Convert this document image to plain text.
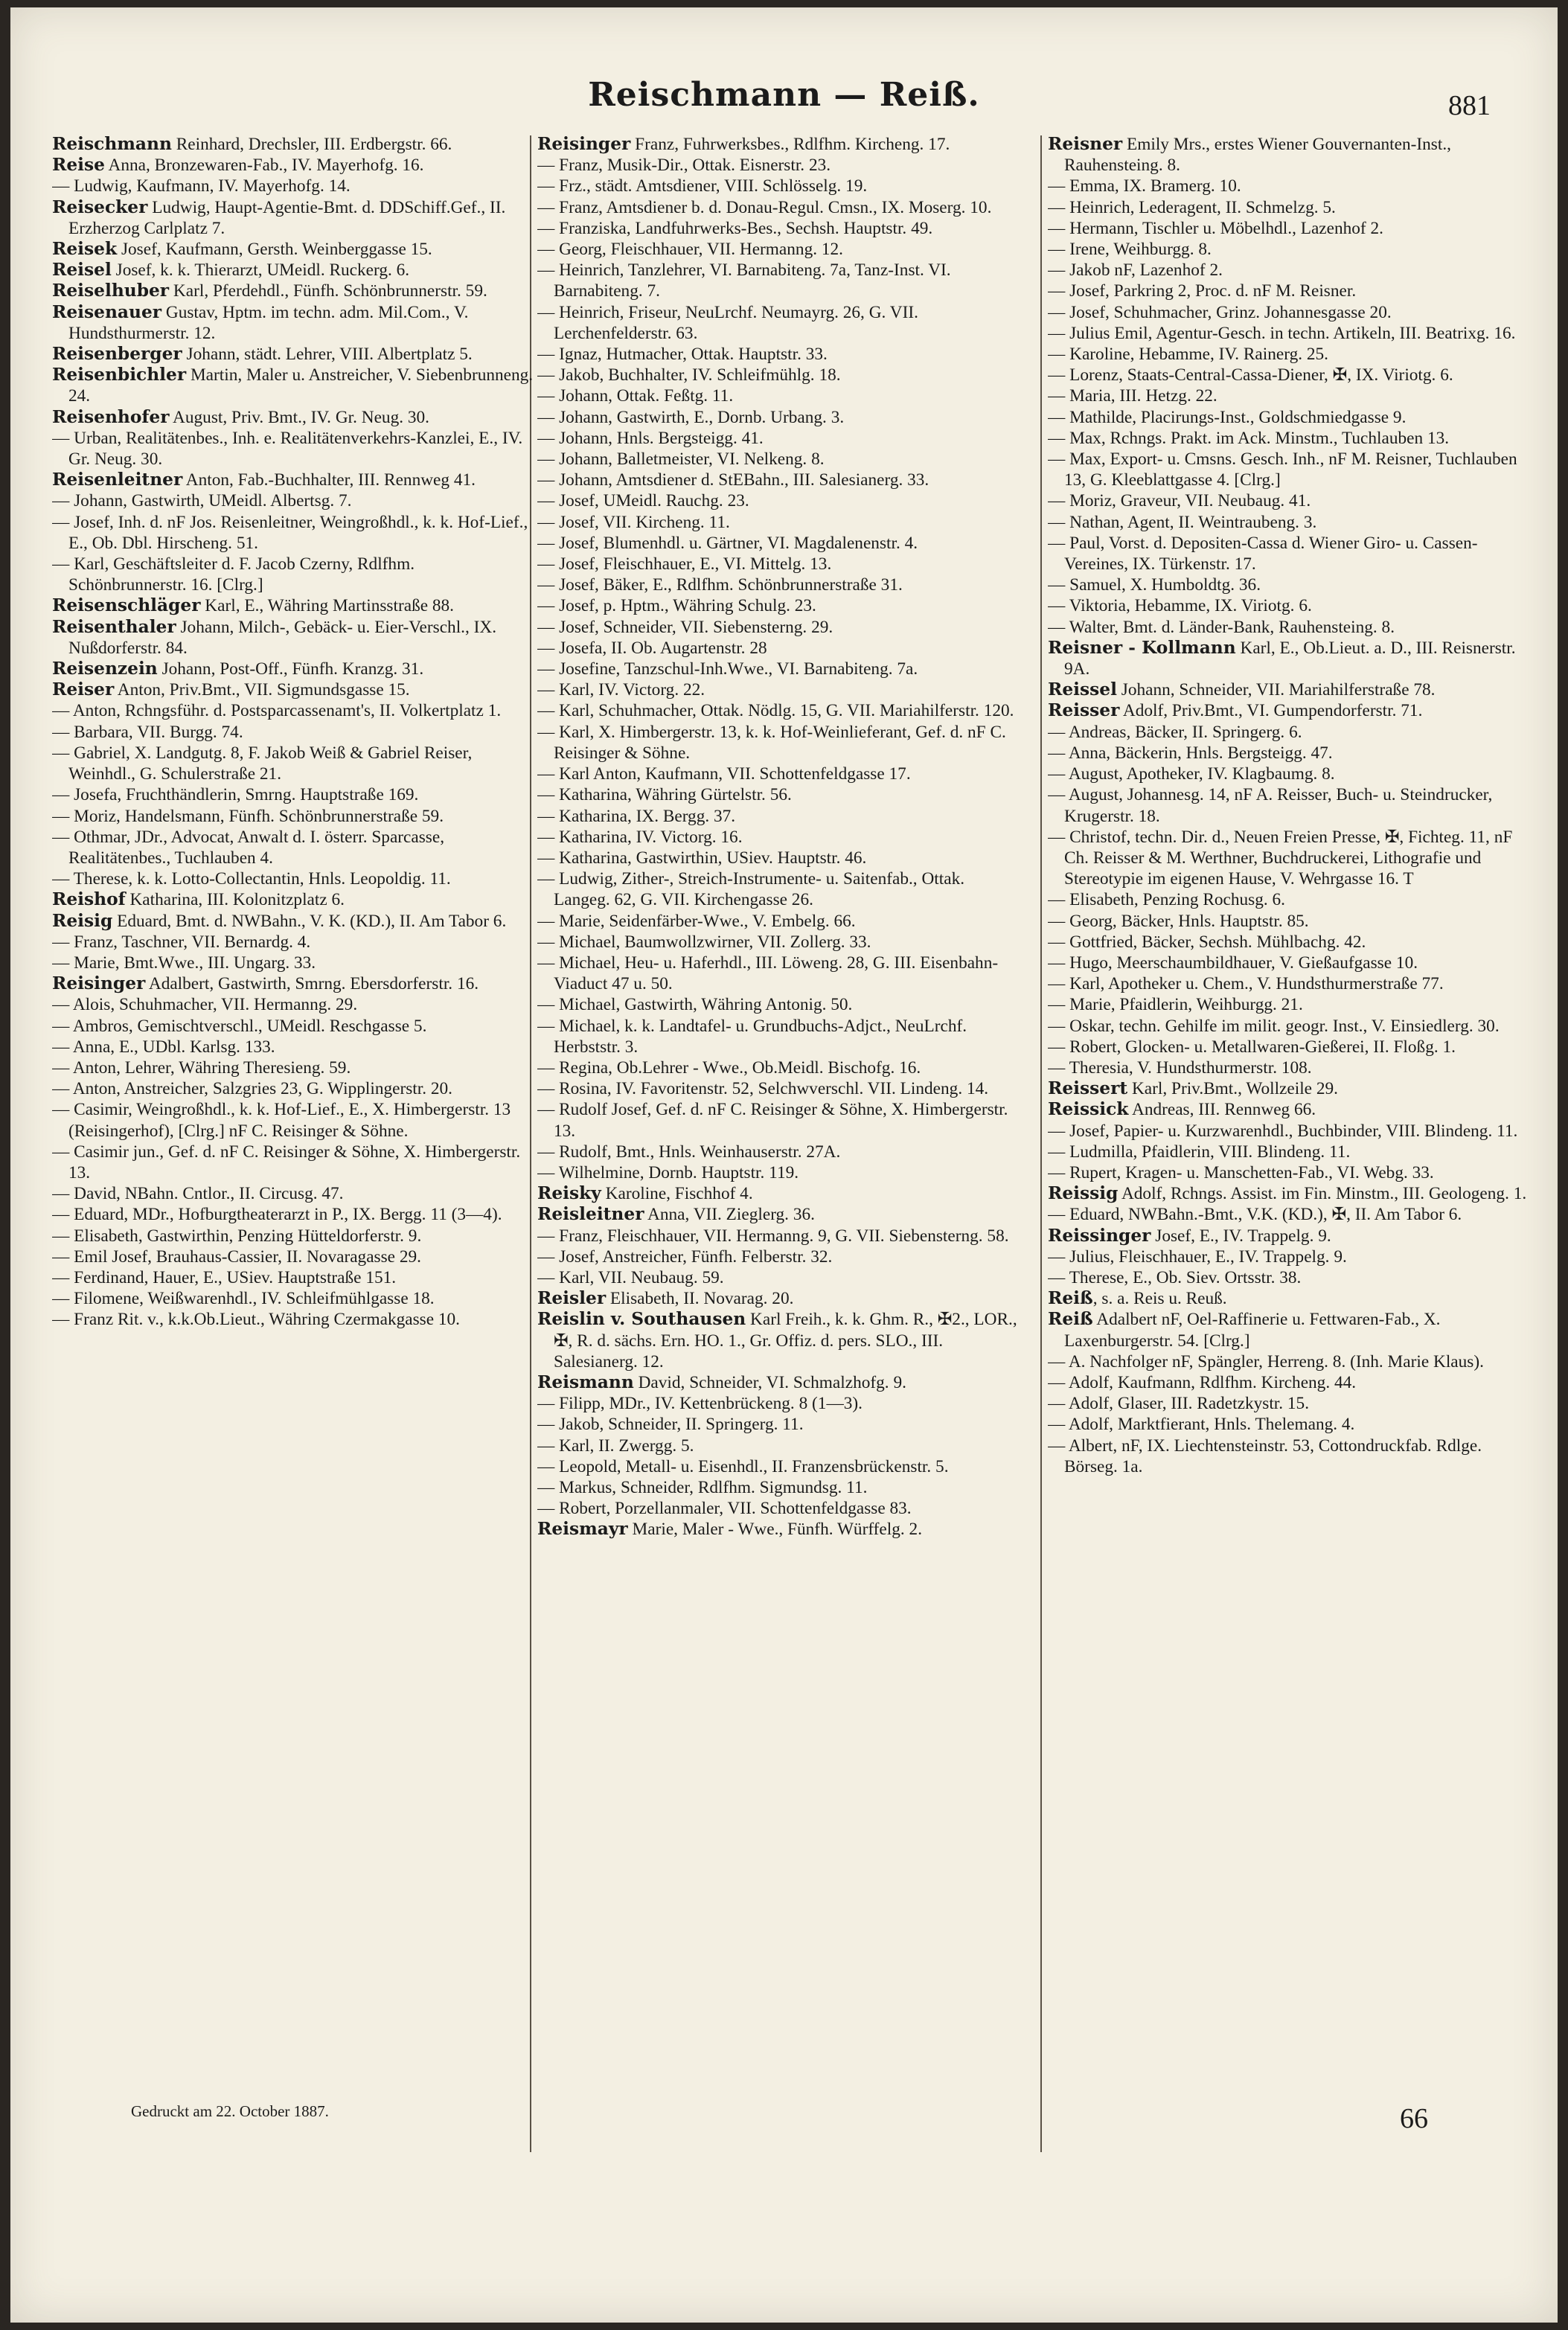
Reischmann — Reiß.	881

Reischmann Reinhard, Drechsler, III. Erdbergstr. 66.

Reise Anna, Bronzewaren-Fab., IV. Mayerhofg. 16.

— Ludwig, Kaufmann, IV. Mayerhofg. 14.

Reisecker Ludwig, Haupt-Agentie-Bmt. d. DDSchiff.Gef., II. Erzherzog Carlplatz 7.

Reisek Josef, Kaufmann, Gersth. Weinberggasse 15.

Reisel Josef, k. k. Thierarzt, UMeidl. Ruckerg. 6.

Reiselhuber Karl, Pferdehdl., Fünfh. Schönbrunnerstr. 59.

Reisenauer Gustav, Hptm. im techn. adm. Mil.Com., V. Hundsthurmerstr. 12.

Reisenberger Johann, städt. Lehrer, VIII. Albertplatz 5.

Reisenbichler Martin, Maler u. Anstreicher, V. Siebenbrunneng. 24.

Reisenhofer August, Priv. Bmt., IV. Gr. Neug. 30.

— Urban, Realitätenbes., Inh. e. Realitätenverkehrs-Kanzlei, E., IV. Gr. Neug. 30.

Reisenleitner Anton, Fab.-Buchhalter, III. Rennweg 41.

— Johann, Gastwirth, UMeidl. Albertsg. 7.

— Josef, Inh. d. nF Jos. Reisenleitner, Weingroßhdl., k. k. Hof-Lief., E., Ob. Dbl. Hirscheng. 51.

— Karl, Geschäftsleiter d. F. Jacob Czerny, Rdlfhm. Schönbrunnerstr. 16. [Clrg.]

Reisenschläger Karl, E., Währing Martinsstraße 88.

Reisenthaler Johann, Milch-, Gebäck- u. Eier-Verschl., IX. Nußdorferstr. 84.

Reisenzein Johann, Post-Off., Fünfh. Kranzg. 31.

Reiser Anton, Priv.Bmt., VII. Sigmundsgasse 15.

— Anton, Rchngsführ. d. Postsparcassenamt's, II. Volkertplatz 1.

— Barbara, VII. Burgg. 74.

— Gabriel, X. Landgutg. 8, F. Jakob Weiß & Gabriel Reiser, Weinhdl., G. Schulerstraße 21.

— Josefa, Fruchthändlerin, Smrng. Hauptstraße 169.

— Moriz, Handelsmann, Fünfh. Schönbrunnerstraße 59.

— Othmar, JDr., Advocat, Anwalt d. I. österr. Sparcasse, Realitätenbes., Tuchlauben 4.

— Therese, k. k. Lotto-Collectantin, Hnls. Leopoldig. 11.

Reishof Katharina, III. Kolonitzplatz 6.

Reisig Eduard, Bmt. d. NWBahn., V. K. (KD.), II. Am Tabor 6.

— Franz, Taschner, VII. Bernardg. 4.

— Marie, Bmt.Wwe., III. Ungarg. 33.

Reisinger Adalbert, Gastwirth, Smrng. Ebersdorferstr. 16.

— Alois, Schuhmacher, VII. Hermanng. 29.

— Ambros, Gemischtverschl., UMeidl. Reschgasse 5.

— Anna, E., UDbl. Karlsg. 133.

— Anton, Lehrer, Währing Theresieng. 59.

— Anton, Anstreicher, Salzgries 23, G. Wipplingerstr. 20.

— Casimir, Weingroßhdl., k. k. Hof-Lief., E., X. Himbergerstr. 13 (Reisingerhof), [Clrg.] nF C. Reisinger & Söhne.

— Casimir jun., Gef. d. nF C. Reisinger & Söhne, X. Himbergerstr. 13.

— David, NBahn. Cntlor., II. Circusg. 47.

— Eduard, MDr., Hofburgtheaterarzt in P., IX. Bergg. 11 (3—4).

— Elisabeth, Gastwirthin, Penzing Hütteldorferstr. 9.

— Emil Josef, Brauhaus-Cassier, II. Novaragasse 29.

— Ferdinand, Hauer, E., USiev. Hauptstraße 151.

— Filomene, Weißwarenhdl., IV. Schleifmühlgasse 18.

— Franz Rit. v., k.k.Ob.Lieut., Währing Czermakgasse 10.

Reisinger Franz, Fuhrwerksbes., Rdlfhm. Kircheng. 17.

— Franz, Musik-Dir., Ottak. Eisnerstr. 23.

— Frz., städt. Amtsdiener, VIII. Schlösselg. 19.

— Franz, Amtsdiener b. d. Donau-Regul. Cmsn., IX. Moserg. 10.

— Franziska, Landfuhrwerks-Bes., Sechsh. Hauptstr. 49.

— Georg, Fleischhauer, VII. Hermanng. 12.

— Heinrich, Tanzlehrer, VI. Barnabiteng. 7a, Tanz-Inst. VI. Barnabiteng. 7.

— Heinrich, Friseur, NeuLrchf. Neumayrg. 26, G. VII. Lerchenfelderstr. 63.

— Ignaz, Hutmacher, Ottak. Hauptstr. 33.

— Jakob, Buchhalter, IV. Schleifmühlg. 18.

— Johann, Ottak. Feßtg. 11.

— Johann, Gastwirth, E., Dornb. Urbang. 3.

— Johann, Hnls. Bergsteigg. 41.

— Johann, Balletmeister, VI. Nelkeng. 8.

— Johann, Amtsdiener d. StEBahn., III. Salesianerg. 33.

— Josef, UMeidl. Rauchg. 23.

— Josef, VII. Kircheng. 11.

— Josef, Blumenhdl. u. Gärtner, VI. Magdalenenstr. 4.

— Josef, Fleischhauer, E., VI. Mittelg. 13.

— Josef, Bäker, E., Rdlfhm. Schönbrunnerstraße 31.

— Josef, p. Hptm., Währing Schulg. 23.

— Josef, Schneider, VII. Siebensterng. 29.

— Josefa, II. Ob. Augartenstr. 28

— Josefine, Tanzschul-Inh.Wwe., VI. Barnabiteng. 7a.

— Karl, IV. Victorg. 22.

— Karl, Schuhmacher, Ottak. Nödlg. 15, G. VII. Mariahilferstr. 120.

— Karl, X. Himbergerstr. 13, k. k. Hof-Weinlieferant, Gef. d. nF C. Reisinger & Söhne.

— Karl Anton, Kaufmann, VII. Schottenfeldgasse 17.

— Katharina, Währing Gürtelstr. 56.

— Katharina, IX. Bergg. 37.

— Katharina, IV. Victorg. 16.

— Katharina, Gastwirthin, USiev. Hauptstr. 46.

— Ludwig, Zither-, Streich-Instrumente- u. Saitenfab., Ottak. Langeg. 62, G. VII. Kirchengasse 26.

— Marie, Seidenfärber-Wwe., V. Embelg. 66.

— Michael, Baumwollzwirner, VII. Zollerg. 33.

— Michael, Heu- u. Haferhdl., III. Löweng. 28, G. III. Eisenbahn-Viaduct 47 u. 50.

— Michael, Gastwirth, Währing Antonig. 50.

— Michael, k. k. Landtafel- u. Grundbuchs-Adjct., NeuLrchf. Herbststr. 3.

— Regina, Ob.Lehrer - Wwe., Ob.Meidl. Bischofg. 16.

— Rosina, IV. Favoritenstr. 52, Selchwverschl. VII. Lindeng. 14.

— Rudolf Josef, Gef. d. nF C. Reisinger & Söhne, X. Himbergerstr. 13.

— Rudolf, Bmt., Hnls. Weinhauserstr. 27A.

— Wilhelmine, Dornb. Hauptstr. 119.

Reisky Karoline, Fischhof 4.

Reisleitner Anna, VII. Zieglerg. 36.

— Franz, Fleischhauer, VII. Hermanng. 9, G. VII. Siebensterng. 58.

— Josef, Anstreicher, Fünfh. Felberstr. 32.

— Karl, VII. Neubaug. 59.

Reisler Elisabeth, II. Novarag. 20.

Reislin v. Southausen Karl Freih., k. k. Ghm. R., ✠2., LOR., ✠, R. d. sächs. Ern. HO. 1., Gr. Offiz. d. pers. SLO., III. Salesianerg. 12.

Reismann David, Schneider, VI. Schmalzhofg. 9.

— Filipp, MDr., IV. Kettenbrückeng. 8 (1—3).

— Jakob, Schneider, II. Springerg. 11.

— Karl, II. Zwergg. 5.

— Leopold, Metall- u. Eisenhdl., II. Franzensbrückenstr. 5.

— Markus, Schneider, Rdlfhm. Sigmundsg. 11.

— Robert, Porzellanmaler, VII. Schottenfeldgasse 83.

Reismayr Marie, Maler - Wwe., Fünfh. Würffelg. 2.

Reisner Emily Mrs., erstes Wiener Gouvernanten-Inst., Rauhensteing. 8.

— Emma, IX. Bramerg. 10.

— Heinrich, Lederagent, II. Schmelzg. 5.

— Hermann, Tischler u. Möbelhdl., Lazenhof 2.

— Irene, Weihburgg. 8.

— Jakob nF, Lazenhof 2.

— Josef, Parkring 2, Proc. d. nF M. Reisner.

— Josef, Schuhmacher, Grinz. Johannesgasse 20.

— Julius Emil, Agentur-Gesch. in techn. Artikeln, III. Beatrixg. 16.

— Karoline, Hebamme, IV. Rainerg. 25.

— Lorenz, Staats-Central-Cassa-Diener, ✠, IX. Viriotg. 6.

— Maria, III. Hetzg. 22.

— Mathilde, Placirungs-Inst., Goldschmiedgasse 9.

— Max, Rchngs. Prakt. im Ack. Minstm., Tuchlauben 13.

— Max, Export- u. Cmsns. Gesch. Inh., nF M. Reisner, Tuchlauben 13, G. Kleeblattgasse 4. [Clrg.]

— Moriz, Graveur, VII. Neubaug. 41.

— Nathan, Agent, II. Weintraubeng. 3.

— Paul, Vorst. d. Depositen-Cassa d. Wiener Giro- u. Cassen-Vereines, IX. Türkenstr. 17.

— Samuel, X. Humboldtg. 36.

— Viktoria, Hebamme, IX. Viriotg. 6.

— Walter, Bmt. d. Länder-Bank, Rauhensteing. 8.

Reisner - Kollmann Karl, E., Ob.Lieut. a. D., III. Reisnerstr. 9A.

Reissel Johann, Schneider, VII. Mariahilferstraße 78.

Reisser Adolf, Priv.Bmt., VI. Gumpendorferstr. 71.

— Andreas, Bäcker, II. Springerg. 6.

— Anna, Bäckerin, Hnls. Bergsteigg. 47.

— August, Apotheker, IV. Klagbaumg. 8.

— August, Johannesg. 14, nF A. Reisser, Buch- u. Steindrucker, Krugerstr. 18.

— Christof, techn. Dir. d., Neuen Freien Presse, ✠, Fichteg. 11, nF Ch. Reisser & M. Werthner, Buchdruckerei, Lithografie und Stereotypie im eigenen Hause, V. Wehrgasse 16. T

— Elisabeth, Penzing Rochusg. 6.

— Georg, Bäcker, Hnls. Hauptstr. 85.

— Gottfried, Bäcker, Sechsh. Mühlbachg. 42.

— Hugo, Meerschaumbildhauer, V. Gießaufgasse 10.

— Karl, Apotheker u. Chem., V. Hundsthurmerstraße 77.

— Marie, Pfaidlerin, Weihburgg. 21.

— Oskar, techn. Gehilfe im milit. geogr. Inst., V. Einsiedlerg. 30.

— Robert, Glocken- u. Metallwaren-Gießerei, II. Floßg. 1.

— Theresia, V. Hundsthurmerstr. 108.

Reissert Karl, Priv.Bmt., Wollzeile 29.

Reissick Andreas, III. Rennweg 66.

— Josef, Papier- u. Kurzwarenhdl., Buchbinder, VIII. Blindeng. 11.

— Ludmilla, Pfaidlerin, VIII. Blindeng. 11.

— Rupert, Kragen- u. Manschetten-Fab., VI. Webg. 33.

Reissig Adolf, Rchngs. Assist. im Fin. Minstm., III. Geologeng. 1.

— Eduard, NWBahn.-Bmt., V.K. (KD.), ✠, II. Am Tabor 6.

Reissinger Josef, E., IV. Trappelg. 9.

— Julius, Fleischhauer, E., IV. Trappelg. 9.

— Therese, E., Ob. Siev. Ortsstr. 38.

Reiß, s. a. Reis u. Reuß.

Reiß Adalbert nF, Oel-Raffinerie u. Fettwaren-Fab., X. Laxenburgerstr. 54. [Clrg.]

— A. Nachfolger nF, Spängler, Herreng. 8. (Inh. Marie Klaus).

— Adolf, Kaufmann, Rdlfhm. Kircheng. 44.

— Adolf, Glaser, III. Radetzkystr. 15.

— Adolf, Marktfierant, Hnls. Thelemang. 4.

— Albert, nF, IX. Liechtensteinstr. 53, Cottondruckfab. Rdlge. Börseg. 1a.

Gedruckt am 22. October 1887.	66
